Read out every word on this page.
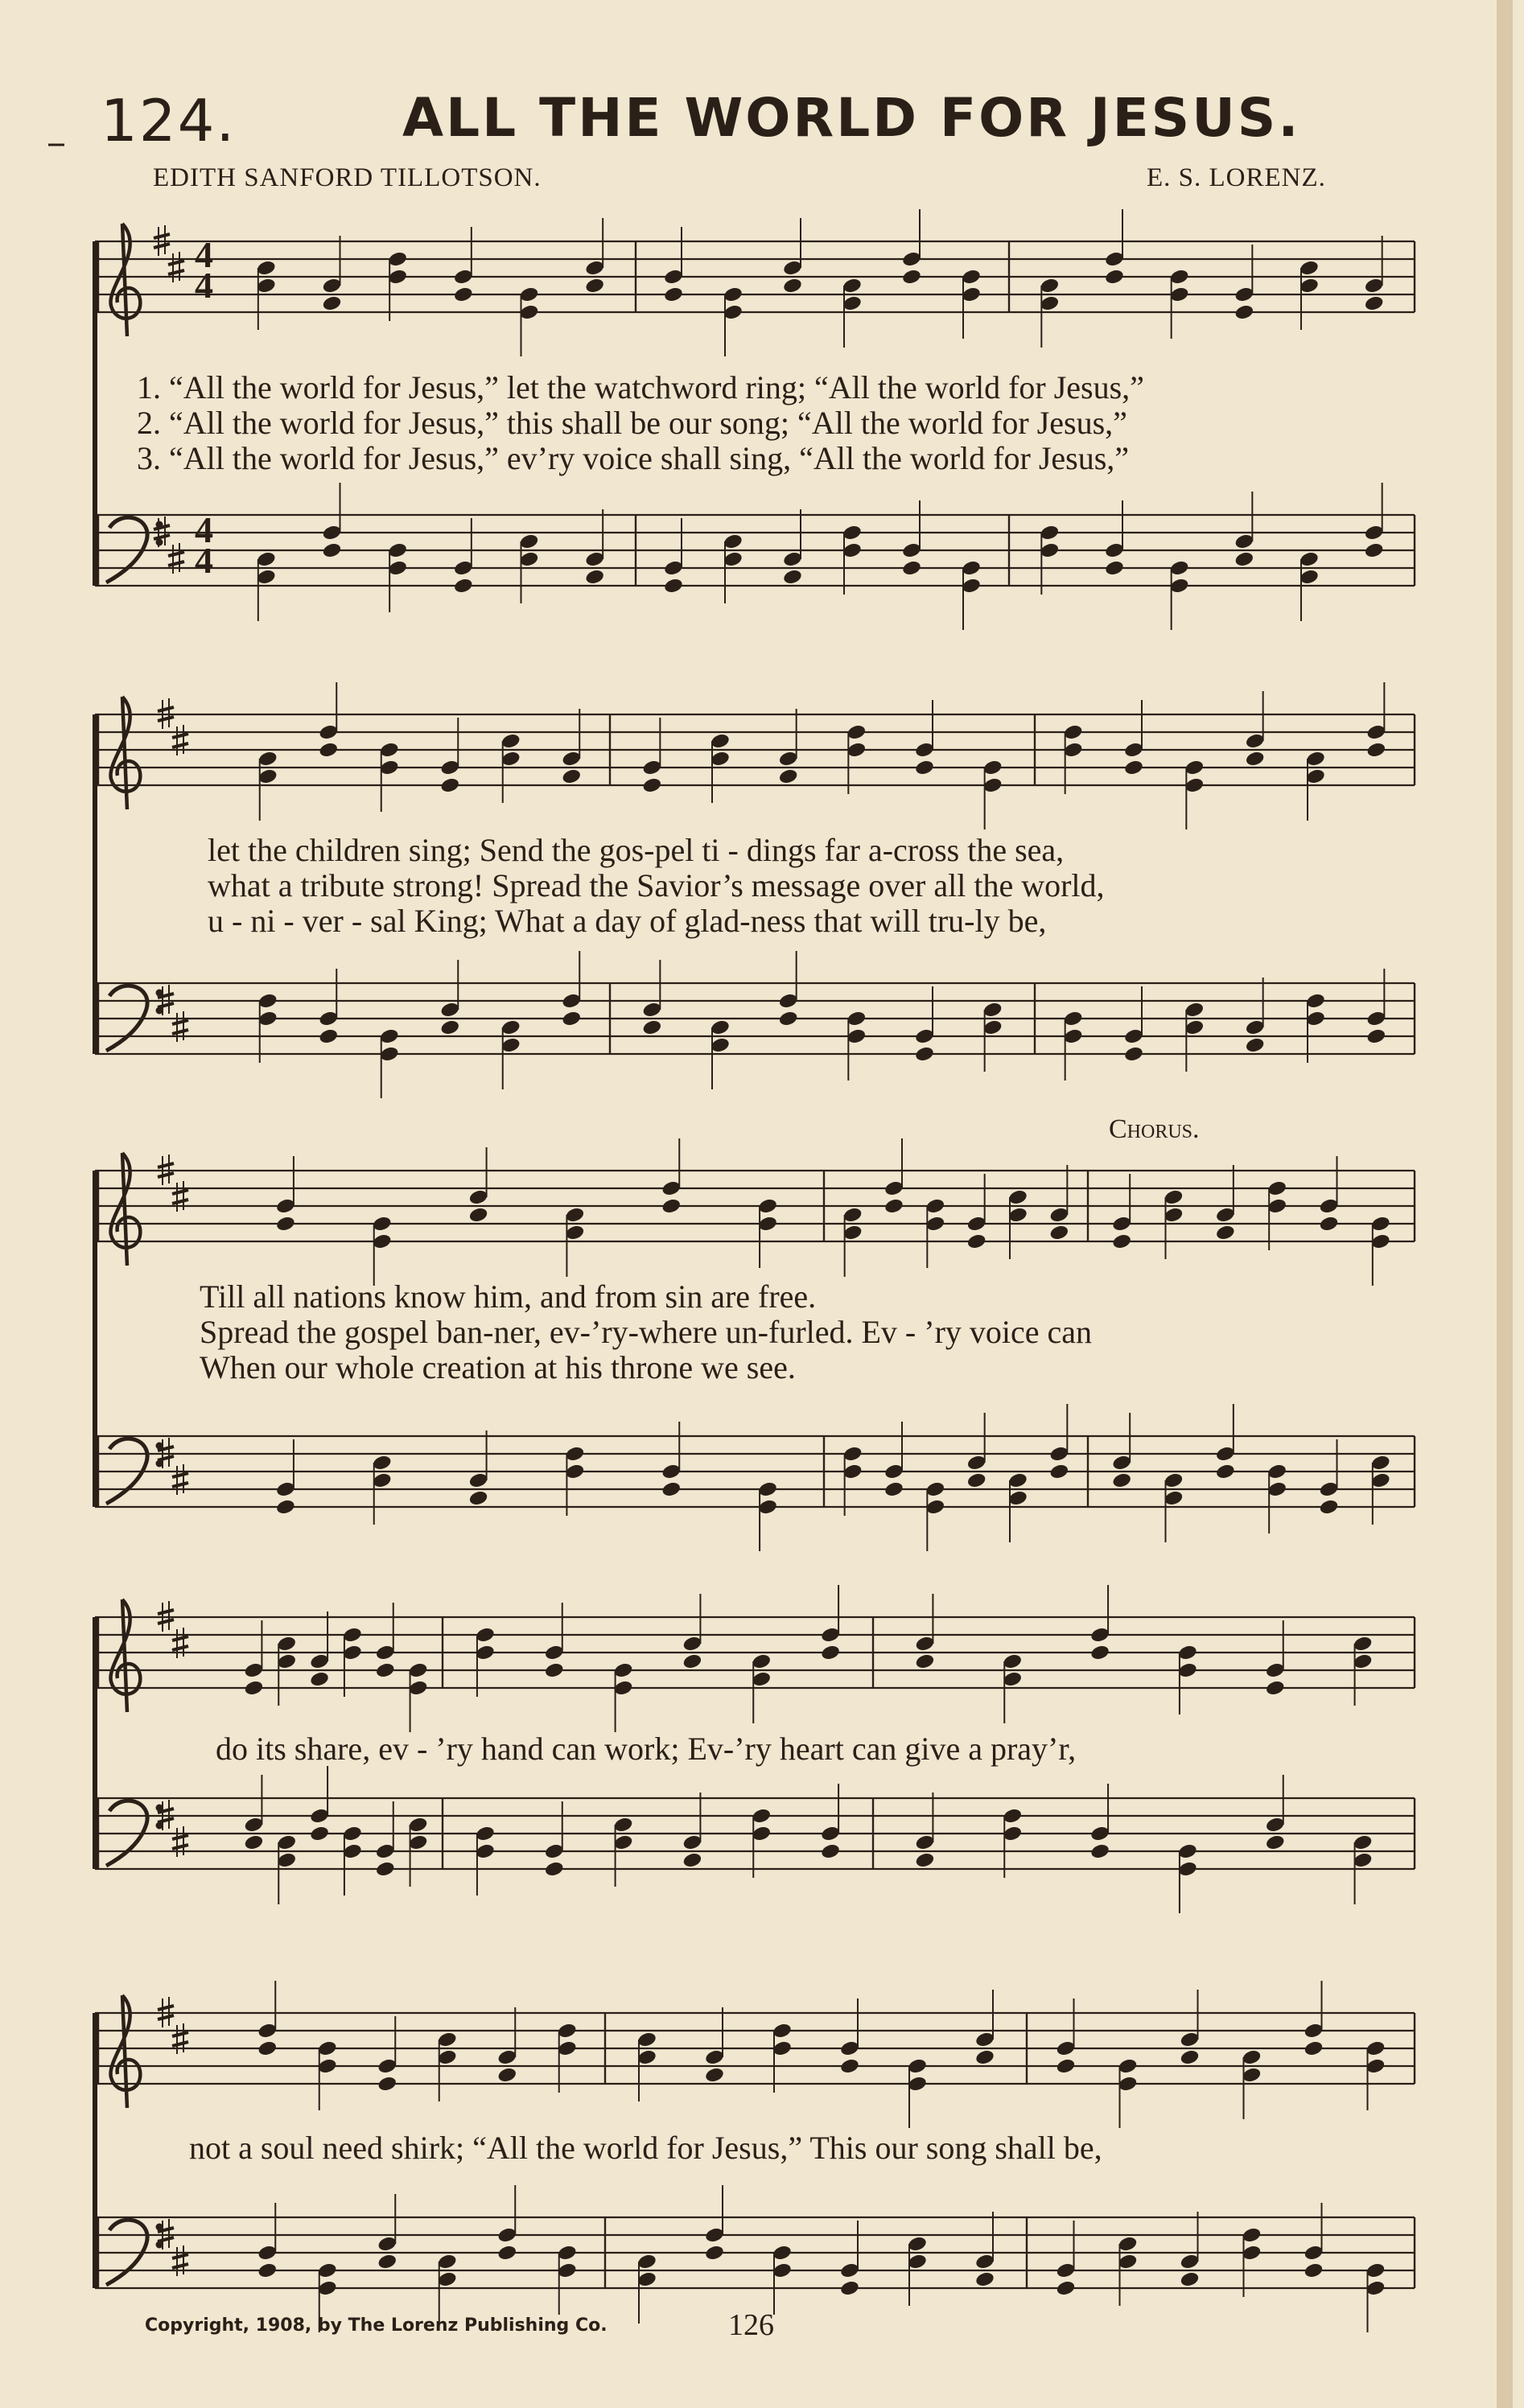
124.	ALL THE WORLD FOR JESUS.
EDITH SANFORD TILLOTSON.	E. S. LORENZ.
4
4
4
4
1. “All the world for Jesus,” let the watchword ring; “All the world for Jesus,”
2. “All the world for Jesus,” this shall be our song; “All the world for Jesus,”
3. “All the world for Jesus,” ev’ry voice shall sing, “All the world for Jesus,”
let the children sing; Send the gos-pel ti - dings far a-cross the sea,
what a tribute strong! Spread the Savior’s message over all the world,
u - ni - ver - sal King; What a day of glad-ness that will tru-ly be,
Chorus.
Till all nations know him, and from sin are free.
Spread the gospel ban-ner, ev-’ry-where un-furled. Ev - ’ry voice can
When our whole creation at his throne we see.
do its share, ev - ’ry hand can work; Ev-’ry heart can give a pray’r,
not a soul need shirk; “All the world for Jesus,” This our song shall be,
Copyright, 1908, by The Lorenz Publishing Co.	126
